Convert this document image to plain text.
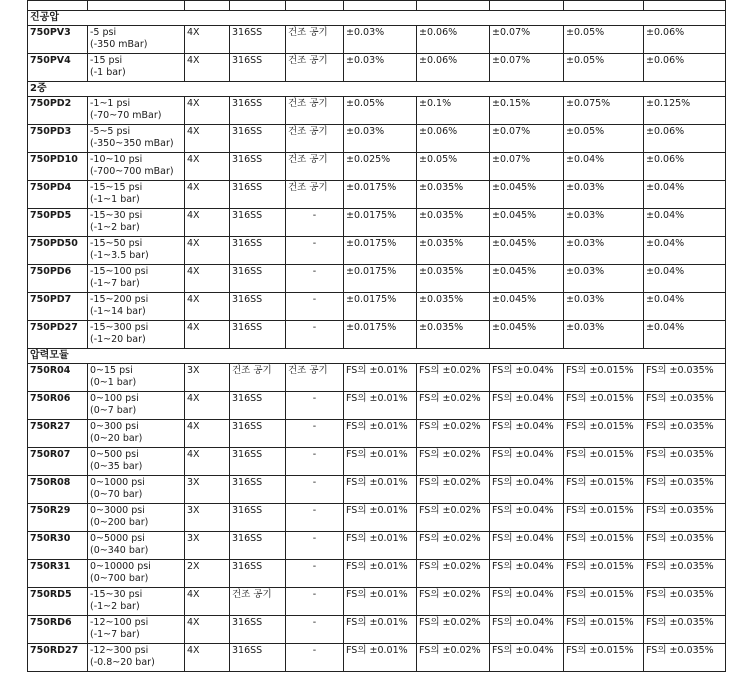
진공압									
750PV3	-5 psi
(-350 mBar)	4X	316SS	건조 공기	±0.03%	±0.06%	±0.07%	±0.05%	±0.06%
750PV4	-15 psi
(-1 bar)	4X	316SS	건조 공기	±0.03%	±0.06%	±0.07%	±0.05%	±0.06%
2중									
750PD2	-1~1 psi
(-70~70 mBar)	4X	316SS	건조 공기	±0.05%	±0.1%	±0.15%	±0.075%	±0.125%
750PD3	-5~5 psi
(-350~350 mBar)	4X	316SS	건조 공기	±0.03%	±0.06%	±0.07%	±0.05%	±0.06%
750PD10	-10~10 psi
(-700~700 mBar)	4X	316SS	건조 공기	±0.025%	±0.05%	±0.07%	±0.04%	±0.06%
750PD4	-15~15 psi
(-1~1 bar)	4X	316SS	건조 공기	±0.0175%	±0.035%	±0.045%	±0.03%	±0.04%
750PD5	-15~30 psi
(-1~2 bar)	4X	316SS	-	±0.0175%	±0.035%	±0.045%	±0.03%	±0.04%
750PD50	-15~50 psi
(-1~3.5 bar)	4X	316SS	-	±0.0175%	±0.035%	±0.045%	±0.03%	±0.04%
750PD6	-15~100 psi
(-1~7 bar)	4X	316SS	-	±0.0175%	±0.035%	±0.045%	±0.03%	±0.04%
750PD7	-15~200 psi
(-1~14 bar)	4X	316SS	-	±0.0175%	±0.035%	±0.045%	±0.03%	±0.04%
750PD27	-15~300 psi
(-1~20 bar)	4X	316SS	-	±0.0175%	±0.035%	±0.045%	±0.03%	±0.04%
압력모듈									
750R04	0~15 psi
(0~1 bar)	3X	건조 공기	건조 공기	FS의 ±0.01%	FS의 ±0.02%	FS의 ±0.04%	FS의 ±0.015%	FS의 ±0.035%
750R06	0~100 psi
(0~7 bar)	4X	316SS	-	FS의 ±0.01%	FS의 ±0.02%	FS의 ±0.04%	FS의 ±0.015%	FS의 ±0.035%
750R27	0~300 psi
(0~20 bar)	4X	316SS	-	FS의 ±0.01%	FS의 ±0.02%	FS의 ±0.04%	FS의 ±0.015%	FS의 ±0.035%
750R07	0~500 psi
(0~35 bar)	4X	316SS	-	FS의 ±0.01%	FS의 ±0.02%	FS의 ±0.04%	FS의 ±0.015%	FS의 ±0.035%
750R08	0~1000 psi
(0~70 bar)	3X	316SS	-	FS의 ±0.01%	FS의 ±0.02%	FS의 ±0.04%	FS의 ±0.015%	FS의 ±0.035%
750R29	0~3000 psi
(0~200 bar)	3X	316SS	-	FS의 ±0.01%	FS의 ±0.02%	FS의 ±0.04%	FS의 ±0.015%	FS의 ±0.035%
750R30	0~5000 psi
(0~340 bar)	3X	316SS	-	FS의 ±0.01%	FS의 ±0.02%	FS의 ±0.04%	FS의 ±0.015%	FS의 ±0.035%
750R31	0~10000 psi
(0~700 bar)	2X	316SS	-	FS의 ±0.01%	FS의 ±0.02%	FS의 ±0.04%	FS의 ±0.015%	FS의 ±0.035%
750RD5	-15~30 psi
(-1~2 bar)	4X	건조 공기	-	FS의 ±0.01%	FS의 ±0.02%	FS의 ±0.04%	FS의 ±0.015%	FS의 ±0.035%
750RD6	-12~100 psi
(-1~7 bar)	4X	316SS	-	FS의 ±0.01%	FS의 ±0.02%	FS의 ±0.04%	FS의 ±0.015%	FS의 ±0.035%
750RD27	-12~300 psi
(-0.8~20 bar)	4X	316SS	-	FS의 ±0.01%	FS의 ±0.02%	FS의 ±0.04%	FS의 ±0.015%	FS의 ±0.035%
